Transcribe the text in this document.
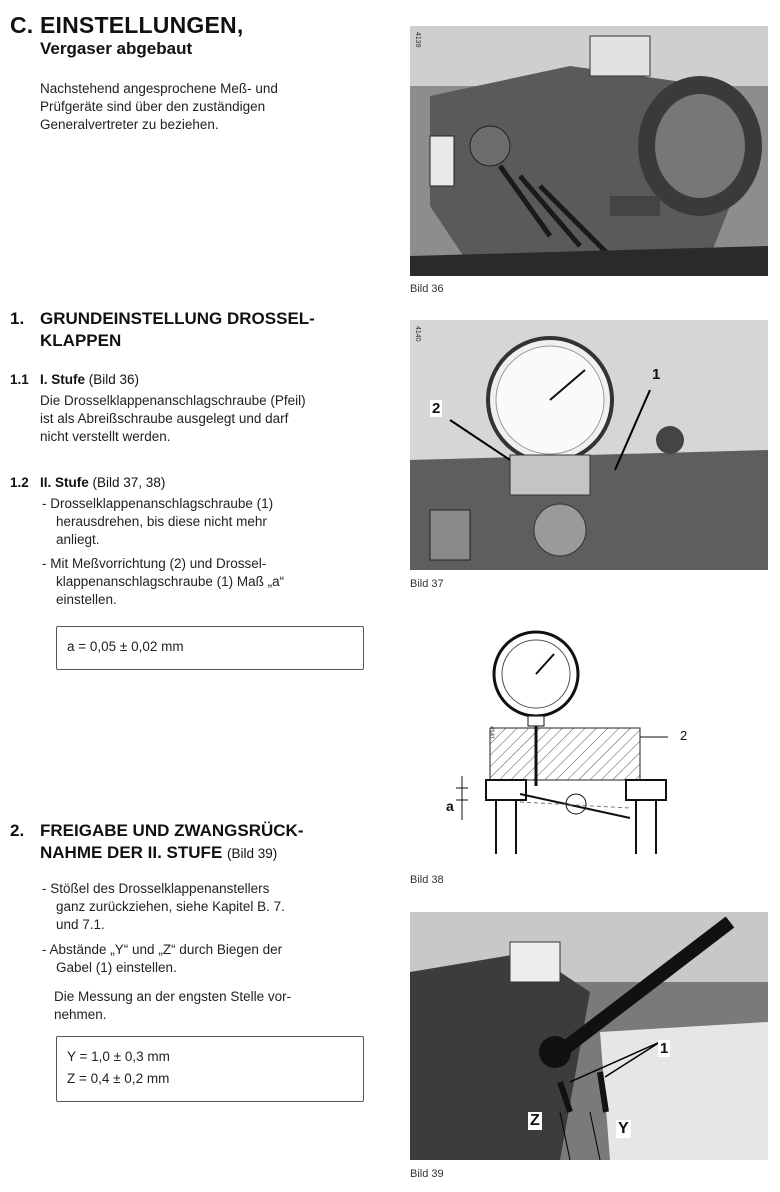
C. EINSTELLUNGEN,
Vergaser abgebaut
Nachstehend angesprochene Meß- und
Prüfgeräte sind über den zuständigen
Generalvertreter zu beziehen.
1. GRUNDEINSTELLUNG DROSSEL-
KLAPPEN
1.1 I. Stufe (Bild 36)
Die Drosselklappenanschlagschraube (Pfeil)
ist als Abreißschraube ausgelegt und darf
nicht verstellt werden.
1.2 II. Stufe (Bild 37, 38)
- Drosselklappenanschlagschraube (1)
herausdrehen, bis diese nicht mehr
anliegt.
- Mit Meßvorrichtung (2) und Drossel-
klappenanschlagschraube (1) Maß „a“
einstellen.
a = 0,05 ± 0,02 mm
2. FREIGABE UND ZWANGSRÜCK-
NAHME DER II. STUFE (Bild 39)
- Stößel des Drosselklappenanstellers
ganz zurückziehen, siehe Kapitel B. 7.
und 7.1.
- Abstände „Y“ und „Z“ durch Biegen der
Gabel (1) einstellen.
Die Messung an der engsten Stelle vor-
nehmen.
Y = 1,0 ± 0,3 mm
Z = 0,4 ± 0,2 mm
4139
Bild 36
4140
1
2
Bild 37
4141	2
a
Bild 38
1
Z	Y
Bild 39
